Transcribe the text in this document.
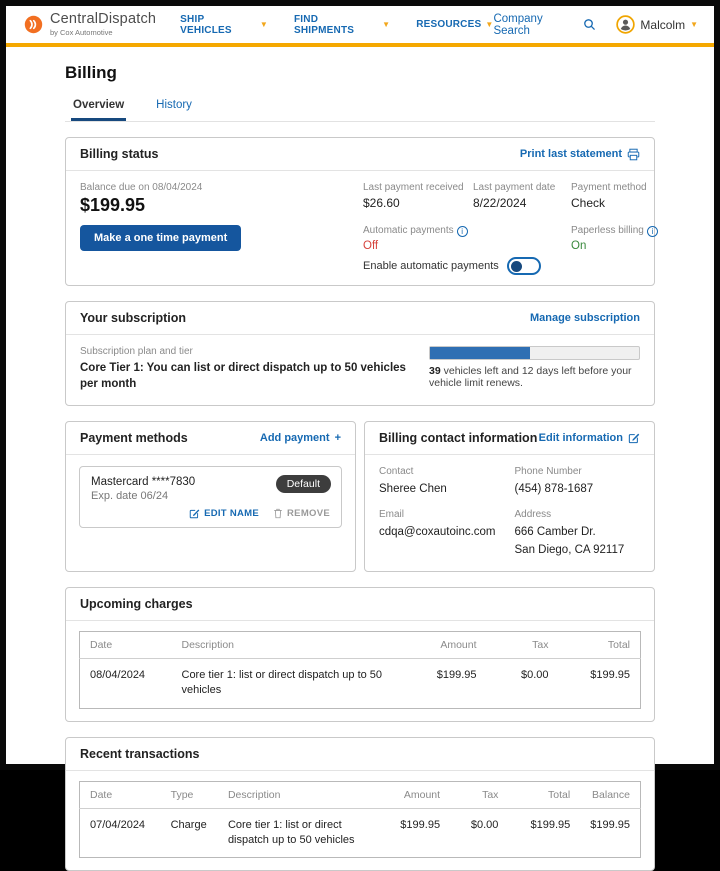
CentralDispatch
by Cox Automotive
SHIP VEHICLES
▼	FIND SHIPMENTS
▼	RESOURCES ▼ Company Search	Malcolm ▼
Billing
Overview	History
Billing status	Print last statement
Balance due on 08/04/2024
$199.95
Last payment received
$26.60
Last payment date
8/22/2024
Payment method
Check
Make a one time payment
Automatic payments i
Off
Enable automatic payments
Paperless billing i
On
Your subscription	Manage subscription
Subscription plan and tier
Core Tier 1: You can list or direct dispatch up to 50 vehicles per month
39 vehicles left and 12 days left before your vehicle limit renews.
Payment methods	Add payment +
Mastercard ****7830
Exp. date 06/24
Default
EDIT NAME	REMOVE
Billing contact information Edit information
Contact
Sheree Chen
Phone Number
(454) 878-1687
Email
cdqa@coxautoinc.com
Address
666 Camber Dr.
San Diego, CA 92117
Upcoming charges
Date	Description	Amount	Tax	Total
08/04/2024	Core tier 1: list or direct dispatch up to 50 vehicles	$199.95	$0.00	$199.95
Recent transactions
Date	Type	Description	Amount	Tax	Total	Balance
07/04/2024	Charge	Core tier 1: list or direct dispatch up to 50 vehicles	$199.95	$0.00	$199.95	$199.95
